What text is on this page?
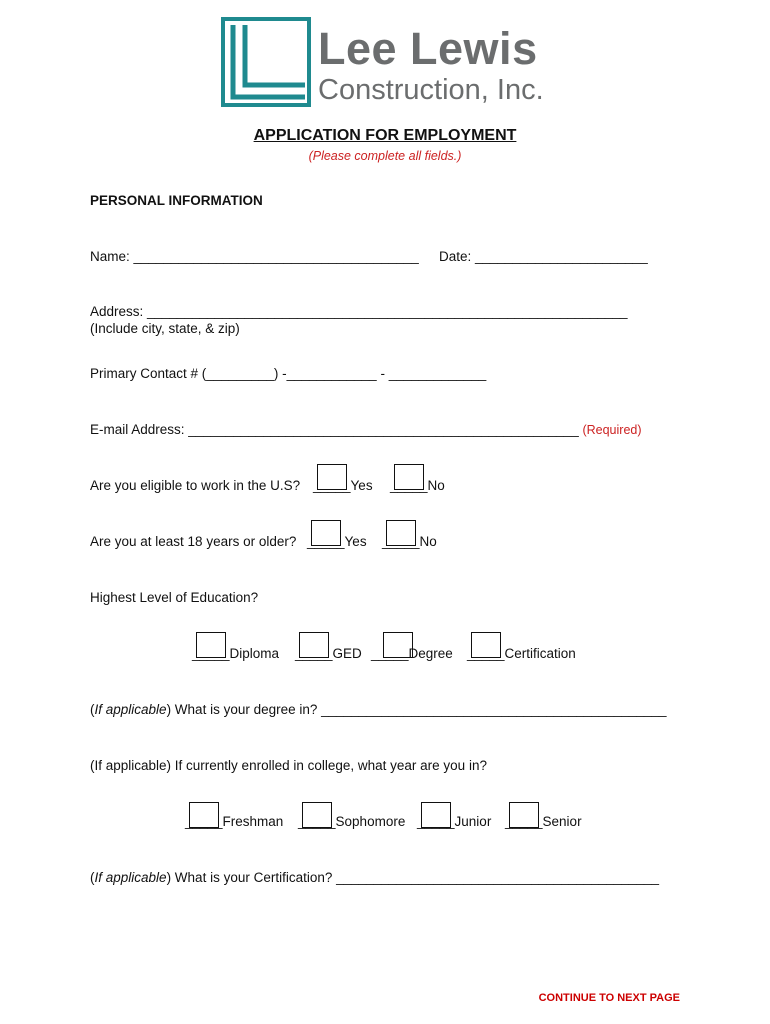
Lee Lewis
Construction, Inc.
APPLICATION FOR EMPLOYMENT
(Please complete all fields.)
PERSONAL INFORMATION
Name: ______________________________________ Date: _______________________
Address: ________________________________________________________________
(Include city, state, & zip)
Primary Contact # (_________) -____________ - _____________
E-mail Address: ____________________________________________________ (Required)
Are you eligible to work in the U.S? _____Yes _____No
Are you at least 18 years or older? _____Yes _____No
Highest Level of Education?
_____Diploma _____GED _____Degree _____Certification
(If applicable) What is your degree in? ______________________________________________
(If applicable) If currently enrolled in college, what year are you in?
_____Freshman _____Sophomore _____Junior _____Senior
(If applicable) What is your Certification? ___________________________________________
CONTINUE TO NEXT PAGE
